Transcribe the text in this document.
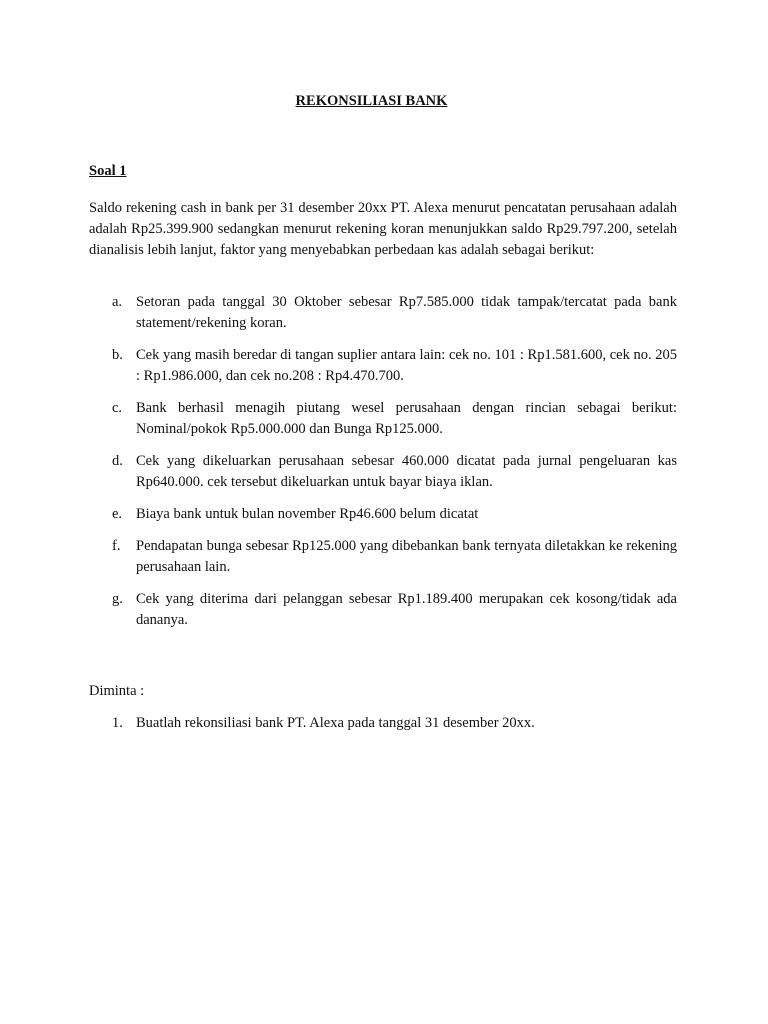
REKONSILIASI BANK
Soal 1

Saldo rekening cash in bank per 31 desember 20xx PT. Alexa menurut pencatatan perusahaan adalah adalah Rp25.399.900 sedangkan menurut rekening koran menunjukkan saldo Rp29.797.200, setelah dianalisis lebih lanjut, faktor yang menyebabkan perbedaan kas adalah sebagai berikut:

a. Setoran pada tanggal 30 Oktober sebesar Rp7.585.000 tidak tampak/tercatat pada bank statement/rekening koran.
b. Cek yang masih beredar di tangan suplier antara lain: cek no. 101 : Rp1.581.600, cek no. 205 : Rp1.986.000, dan cek no.208 : Rp4.470.700.
c. Bank berhasil menagih piutang wesel perusahaan dengan rincian sebagai berikut: Nominal/pokok Rp5.000.000 dan Bunga Rp125.000.
d. Cek yang dikeluarkan perusahaan sebesar 460.000 dicatat pada jurnal pengeluaran kas Rp640.000. cek tersebut dikeluarkan untuk bayar biaya iklan.
e. Biaya bank untuk bulan november Rp46.600 belum dicatat
f.	Pendapatan bunga sebesar Rp125.000 yang dibebankan bank ternyata diletakkan ke rekening perusahaan lain.
g. Cek yang diterima dari pelanggan sebesar Rp1.189.400 merupakan cek kosong/tidak ada dananya.
Diminta :
1. Buatlah rekonsiliasi bank PT. Alexa pada tanggal 31 desember 20xx.
